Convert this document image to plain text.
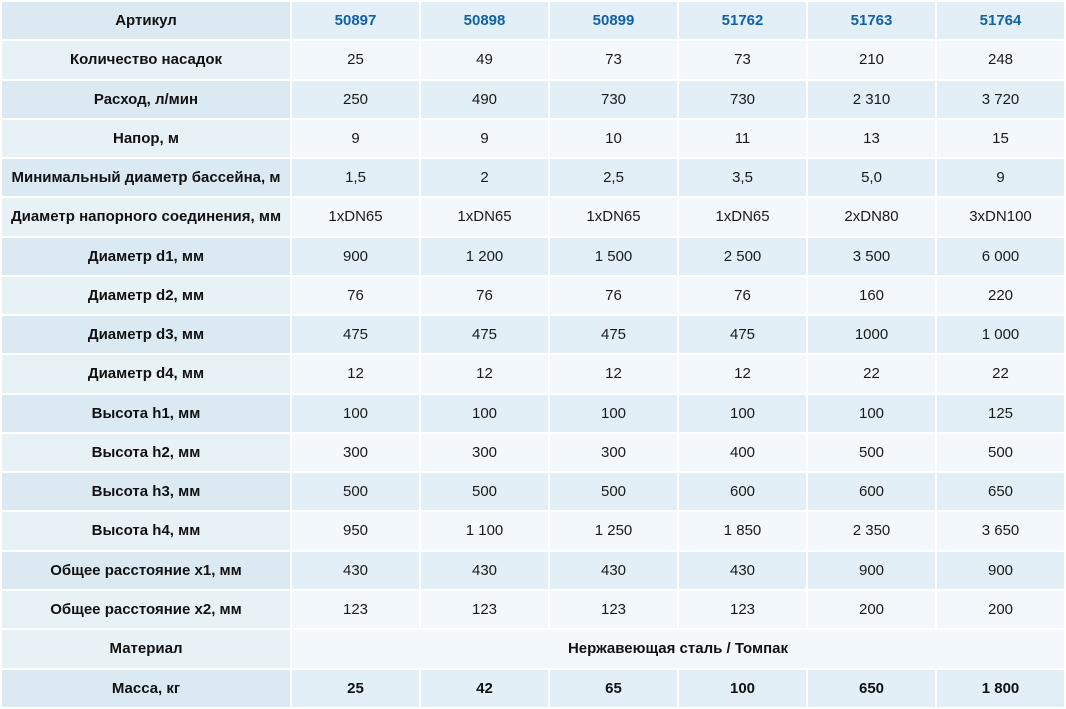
Артикул	50897	50898	50899	51762	51763	51764
Количество насадок	25	49	73	73	210	248
Расход, л/мин	250	490	730	730	2 310	3 720
Напор, м	9	9	10	11	13	15
Минимальный диаметр бассейна, м	1,5	2	2,5	3,5	5,0	9
Диаметр напорного соединения, мм	1xDN65	1xDN65	1xDN65	1xDN65	2xDN80	3xDN100
Диаметр d1, мм	900	1 200	1 500	2 500	3 500	6 000
Диаметр d2, мм	76	76	76	76	160	220
Диаметр d3, мм	475	475	475	475	1000	1 000
Диаметр d4, мм	12	12	12	12	22	22
Высота h1, мм	100	100	100	100	100	125
Высота h2, мм	300	300	300	400	500	500
Высота h3, мм	500	500	500	600	600	650
Высота h4, мм	950	1 100	1 250	1 850	2 350	3 650
Общее расстояние x1, мм	430	430	430	430	900	900
Общее расстояние x2, мм	123	123	123	123	200	200
Материал	Нержавеющая сталь / Томпак					
Масса, кг	25	42	65	100	650	1 800
